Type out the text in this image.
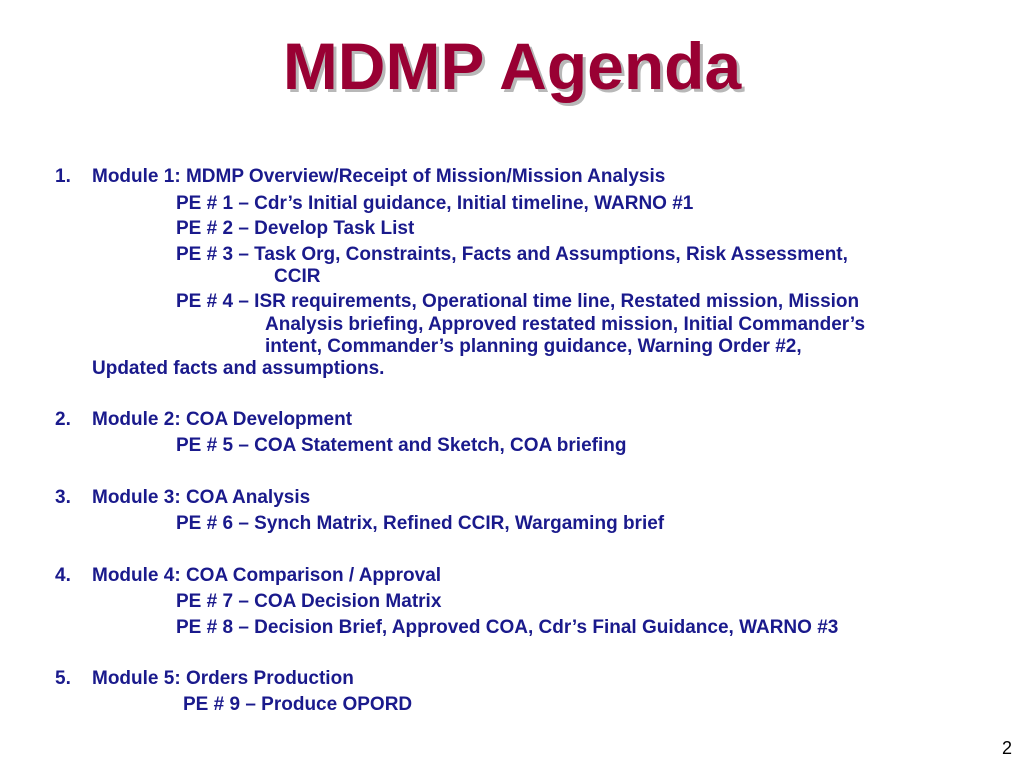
MDMP Agenda
1. Module 1: MDMP Overview/Receipt of Mission/Mission Analysis
PE # 1 – Cdr’s Initial guidance, Initial timeline, WARNO #1
PE # 2 – Develop Task List
PE # 3 – Task Org, Constraints, Facts and Assumptions, Risk Assessment,
CCIR
PE # 4 – ISR requirements, Operational time line, Restated mission, Mission
Analysis briefing, Approved restated mission, Initial Commander’s
intent, Commander’s planning guidance, Warning Order #2,
Updated facts and assumptions.
2. Module 2: COA Development
PE # 5 – COA Statement and Sketch, COA briefing
3. Module 3: COA Analysis
PE # 6 – Synch Matrix, Refined CCIR, Wargaming brief
4. Module 4: COA Comparison / Approval
PE # 7 – COA Decision Matrix
PE # 8 – Decision Brief, Approved COA, Cdr’s Final Guidance, WARNO #3
5. Module 5: Orders Production
PE # 9 – Produce OPORD
2
